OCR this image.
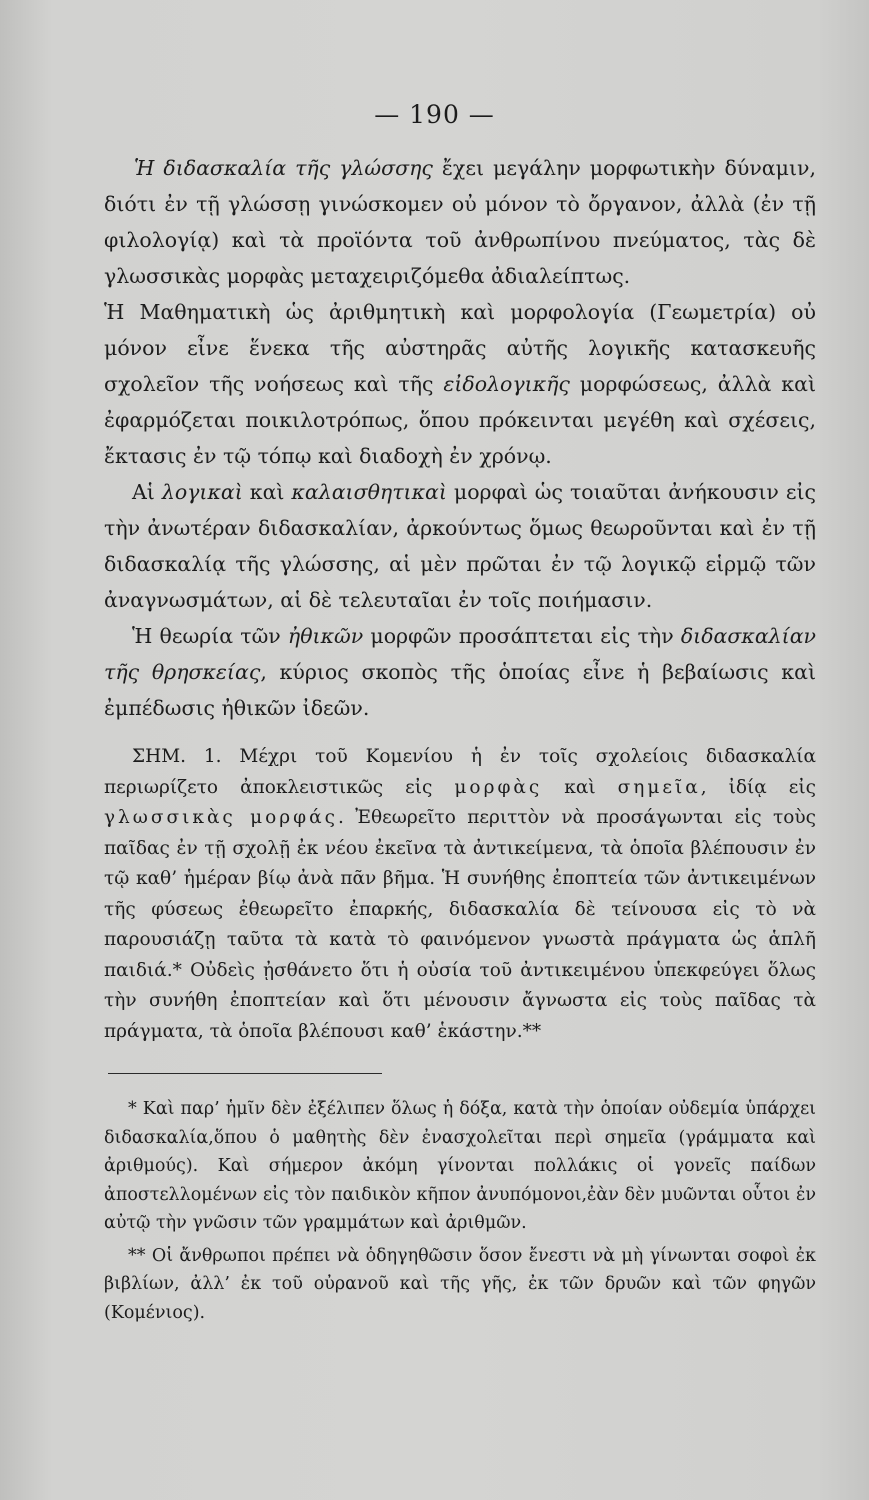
— 190 —

Ἡ διδασκαλία τῆς γλώσσης ἔχει μεγάλην μορφωτικὴν δύναμιν, διότι ἐν τῇ γλώσσῃ γινώσκομεν οὐ μόνον τὸ ὄργανον, ἀλλὰ (ἐν τῇ φιλολογίᾳ) καὶ τὰ προϊόντα τοῦ ἀνθρωπίνου πνεύματος, τὰς δὲ γλωσσικὰς μορφὰς μεταχειριζόμεθα ἀδιαλείπτως.

Ἡ Μαθηματικὴ ὡς ἀριθμητικὴ καὶ μορφολογία (Γεωμετρία) οὐ μόνον εἶνε ἕνεκα τῆς αὐστηρᾶς αὐτῆς λογικῆς κατασκευῆς σχολεῖον τῆς νοήσεως καὶ τῆς εἰδολογικῆς μορφώσεως, ἀλλὰ καὶ ἐφαρμόζεται ποικιλοτρόπως, ὅπου πρόκεινται μεγέθη καὶ σχέσεις, ἔκτασις ἐν τῷ τόπῳ καὶ διαδοχὴ ἐν χρόνῳ.

Αἱ λογικαὶ καὶ καλαισθητικαὶ μορφαὶ ὡς τοιαῦται ἀνήκουσιν εἰς τὴν ἀνωτέραν διδασκαλίαν, ἀρκούντως ὅμως θεωροῦνται καὶ ἐν τῇ διδασκαλίᾳ τῆς γλώσσης, αἱ μὲν πρῶται ἐν τῷ λογικῷ εἱρμῷ τῶν ἀναγνωσμάτων, αἱ δὲ τελευταῖαι ἐν τοῖς ποιήμασιν.

Ἡ θεωρία τῶν ἠθικῶν μορφῶν προσάπτεται εἰς τὴν διδασκαλίαν τῆς θρησκείας, κύριος σκοπὸς τῆς ὁποίας εἶνε ἡ βεβαίωσις καὶ ἐμπέδωσις ἠθικῶν ἰδεῶν.

ΣΗΜ. 1. Μέχρι τοῦ Κομενίου ἡ ἐν τοῖς σχολείοις διδασκαλία περιωρίζετο ἀποκλειστικῶς εἰς μορφὰς καὶ σημεῖα, ἰδίᾳ εἰς γλωσσικὰς μορφάς. Ἐθεωρεῖτο περιττὸν νὰ προσάγωνται εἰς τοὺς παῖδας ἐν τῇ σχολῇ ἐκ νέου ἐκεῖνα τὰ ἀντικείμενα, τὰ ὁποῖα βλέπουσιν ἐν τῷ καθ’ ἡμέραν βίῳ ἀνὰ πᾶν βῆμα. Ἡ συνήθης ἐποπτεία τῶν ἀντικειμένων τῆς φύσεως ἐθεωρεῖτο ἐπαρκής, διδασκαλία δὲ τείνουσα εἰς τὸ νὰ παρουσιάζῃ ταῦτα τὰ κατὰ τὸ φαινόμενον γνωστὰ πράγματα ὡς ἁπλῆ παιδιά.* Οὐδεὶς ᾐσθάνετο ὅτι ἡ οὐσία τοῦ ἀντικειμένου ὑπεκφεύγει ὅλως τὴν συνήθη ἐποπτείαν καὶ ὅτι μένουσιν ἄγνωστα εἰς τοὺς παῖδας τὰ πράγματα, τὰ ὁποῖα βλέπουσι καθ’ ἑκάστην.**

* Καὶ παρ’ ἡμῖν δὲν ἐξέλιπεν ὅλως ἡ δόξα, κατὰ τὴν ὁποίαν οὐδεμία ὑπάρχει διδασκαλία,ὅπου ὁ μαθητὴς δὲν ἐνασχολεῖται περὶ σημεῖα (γράμματα καὶ ἀριθμούς). Καὶ σήμερον ἀκόμη γίνονται πολλάκις οἱ γονεῖς παίδων ἀποστελλομένων εἰς τὸν παιδικὸν κῆπον ἀνυπόμονοι,ἐὰν δὲν μυῶνται οὗτοι ἐν αὐτῷ τὴν γνῶσιν τῶν γραμμάτων καὶ ἀριθμῶν.

** Οἱ ἄνθρωποι πρέπει νὰ ὁδηγηθῶσιν ὅσον ἔνεστι νὰ μὴ γίνωνται σοφοὶ ἐκ βιβλίων, ἀλλ’ ἐκ τοῦ οὐρανοῦ καὶ τῆς γῆς, ἐκ τῶν δρυῶν καὶ τῶν φηγῶν (Κομένιος).
